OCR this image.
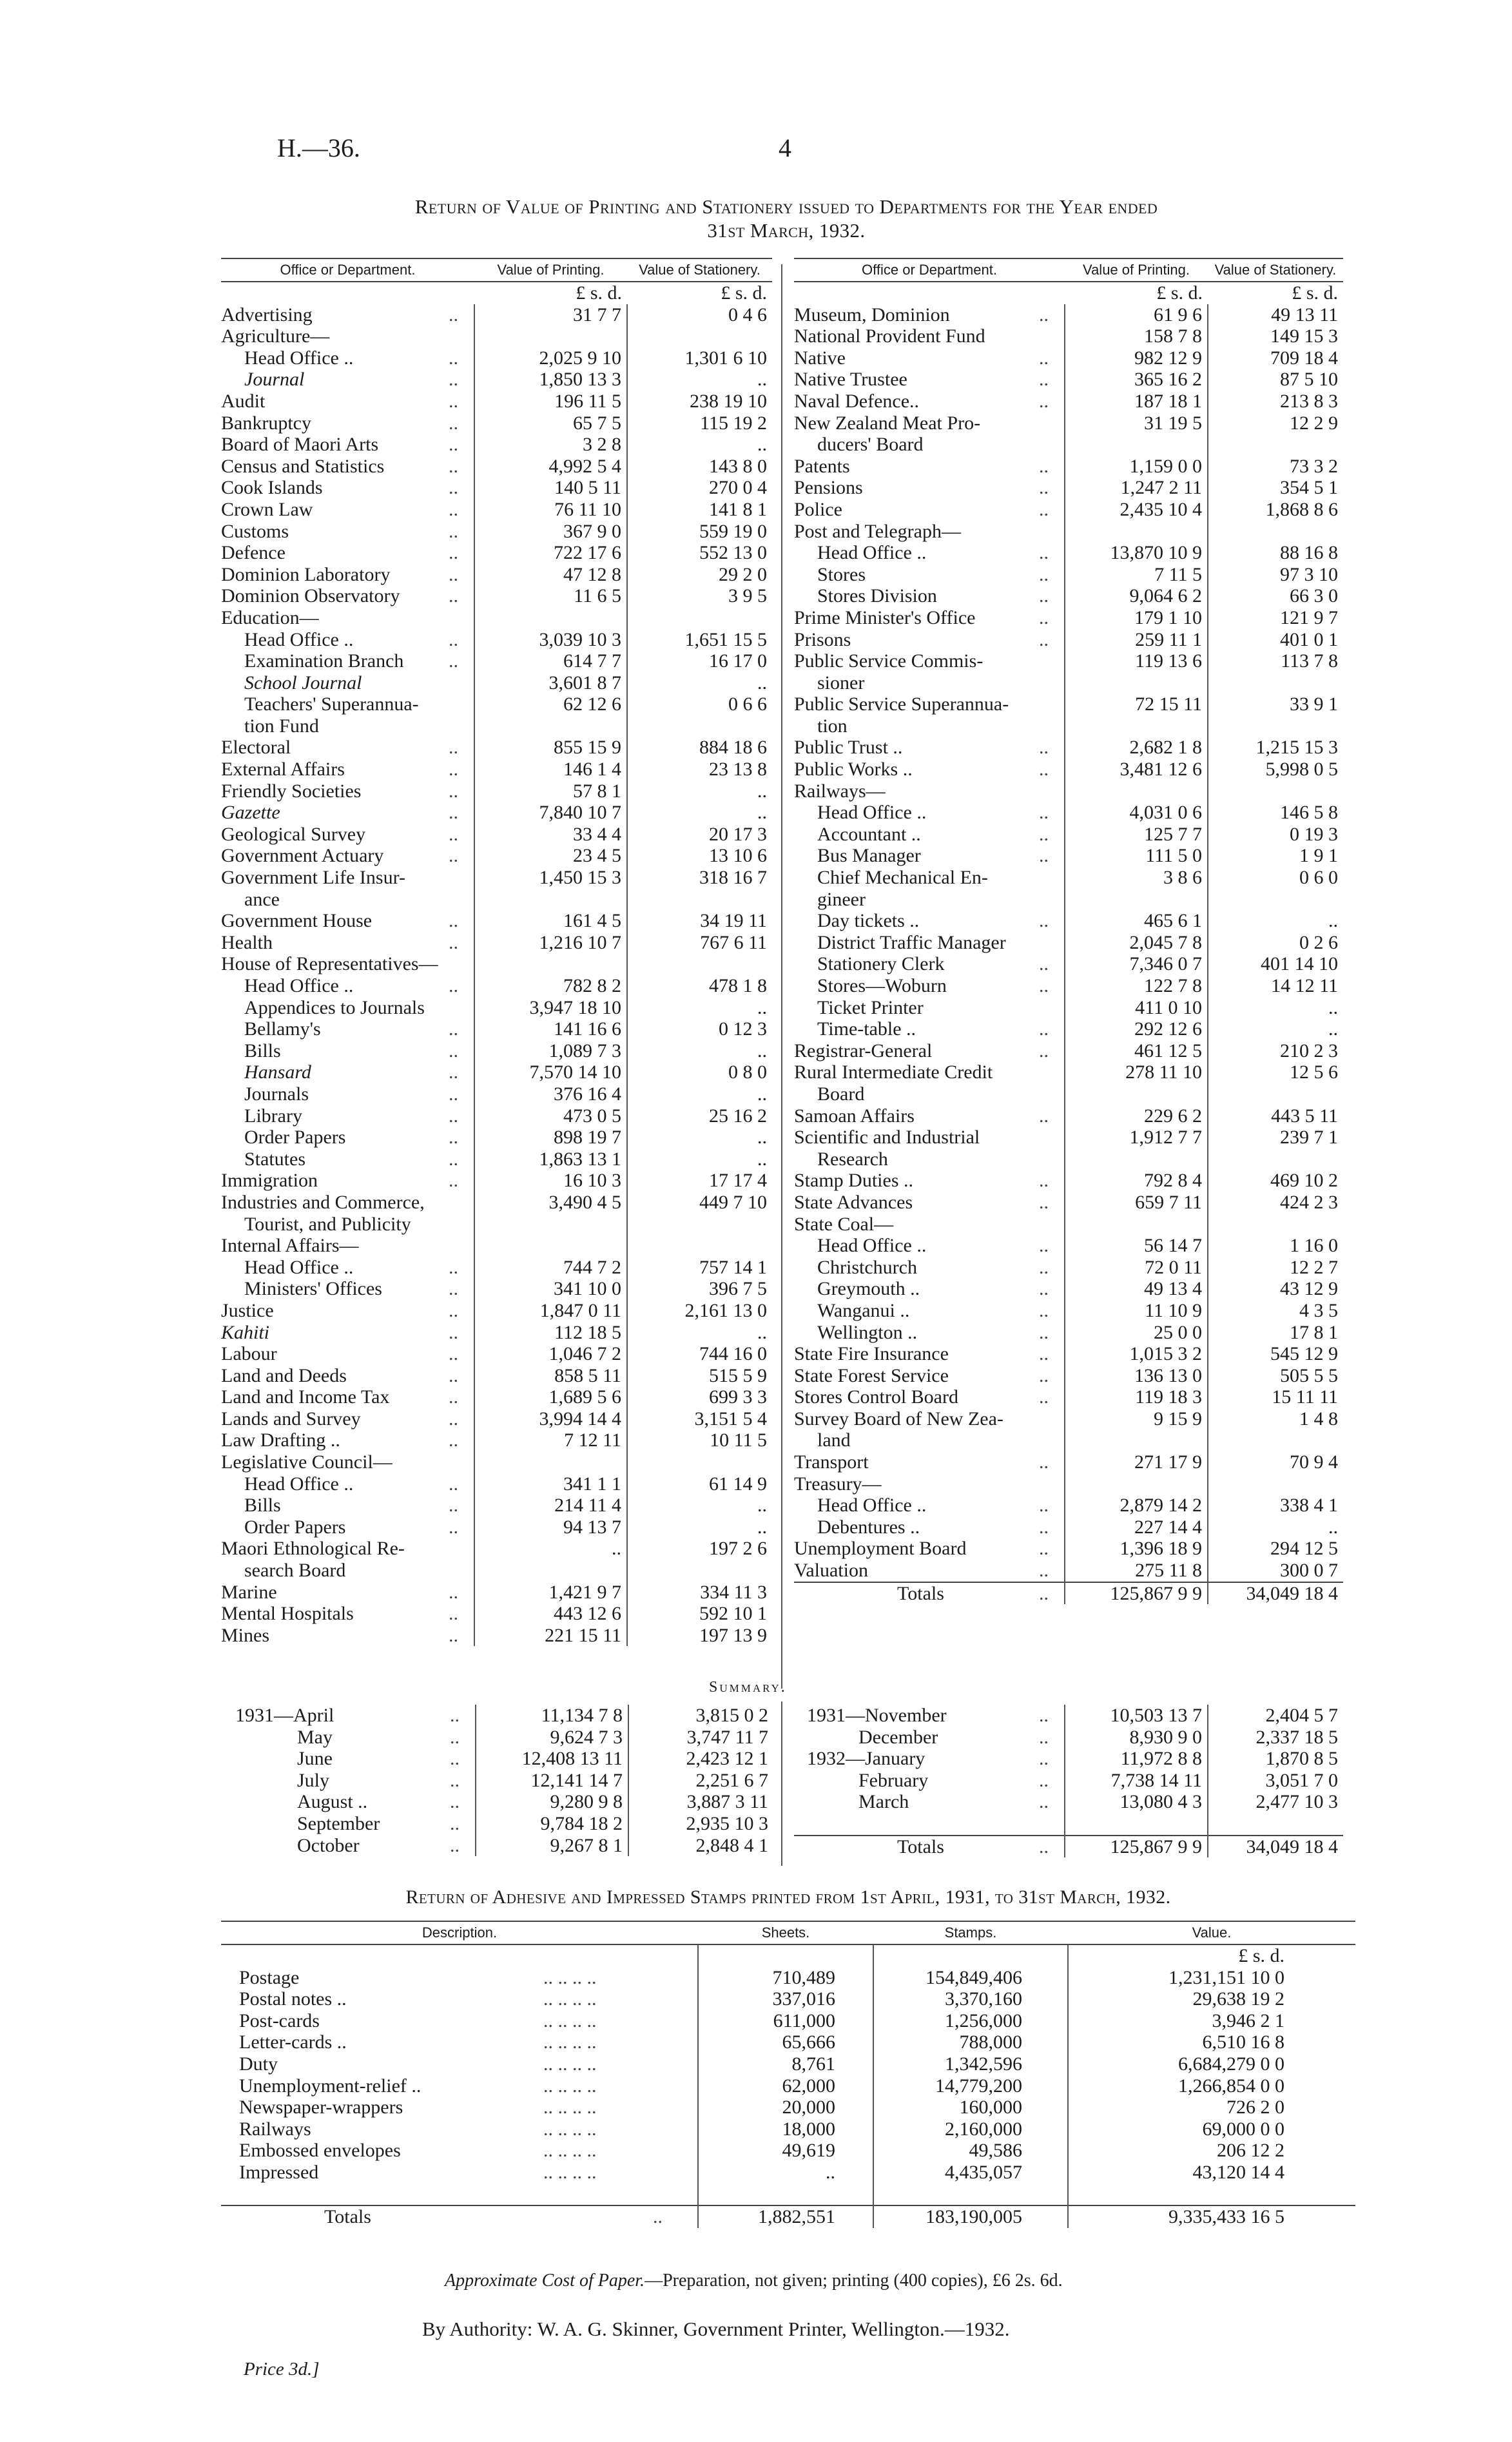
H.—36.	4
Return of Value of Printing and Stationery issued to Departments for the Year ended
31st March, 1932.
Office or Department.		Value of Printing.	Value of Stationery.
		£ s. d.	£ s. d.
Advertising	..	31 7 7	0 4 6
Agriculture—			
Head Office ..	..	2,025 9 10	1,301 6 10
Journal	..	1,850 13 3	..
Audit	..	196 11 5	238 19 10
Bankruptcy	..	65 7 5	115 19 2
Board of Maori Arts	..	3 2 8	..
Census and Statistics	..	4,992 5 4	143 8 0
Cook Islands	..	140 5 11	270 0 4
Crown Law	..	76 11 10	141 8 1
Customs	..	367 9 0	559 19 0
Defence	..	722 17 6	552 13 0
Dominion Laboratory	..	47 12 8	29 2 0
Dominion Observatory	..	11 6 5	3 9 5
Education—			
Head Office ..	..	3,039 10 3	1,651 15 5
Examination Branch	..	614 7 7	16 17 0
School Journal		3,601 8 7	..
Teachers' Superannua-		62 12 6	0 6 6
tion Fund			
Electoral	..	855 15 9	884 18 6
External Affairs	..	146 1 4	23 13 8
Friendly Societies	..	57 8 1	..
Gazette	..	7,840 10 7	..
Geological Survey	..	33 4 4	20 17 3
Government Actuary	..	23 4 5	13 10 6
Government Life Insur-		1,450 15 3	318 16 7
ance			
Government House	..	161 4 5	34 19 11
Health	..	1,216 10 7	767 6 11
House of Representatives—			
Head Office ..	..	782 8 2	478 1 8
Appendices to Journals		3,947 18 10	..
Bellamy's	..	141 16 6	0 12 3
Bills	..	1,089 7 3	..
Hansard	..	7,570 14 10	0 8 0
Journals	..	376 16 4	..
Library	..	473 0 5	25 16 2
Order Papers	..	898 19 7	..
Statutes	..	1,863 13 1	..
Immigration	..	16 10 3	17 17 4
Industries and Commerce,		3,490 4 5	449 7 10
Tourist, and Publicity			
Internal Affairs—			
Head Office ..	..	744 7 2	757 14 1
Ministers' Offices	..	341 10 0	396 7 5
Justice	..	1,847 0 11	2,161 13 0
Kahiti	..	112 18 5	..
Labour	..	1,046 7 2	744 16 0
Land and Deeds	..	858 5 11	515 5 9
Land and Income Tax	..	1,689 5 6	699 3 3
Lands and Survey	..	3,994 14 4	3,151 5 4
Law Drafting ..	..	7 12 11	10 11 5
Legislative Council—			
Head Office ..	..	341 1 1	61 14 9
Bills	..	214 11 4	..
Order Papers	..	94 13 7	..
Maori Ethnological Re-		..	197 2 6
search Board			
Marine	..	1,421 9 7	334 11 3
Mental Hospitals	..	443 12 6	592 10 1
Mines	..	221 15 11	197 13 9
Office or Department.		Value of Printing.	Value of Stationery.
		£ s. d.	£ s. d.
Museum, Dominion	..	61 9 6	49 13 11
National Provident Fund		158 7 8	149 15 3
Native	..	982 12 9	709 18 4
Native Trustee	..	365 16 2	87 5 10
Naval Defence..	..	187 18 1	213 8 3
New Zealand Meat Pro-		31 19 5	12 2 9
ducers' Board			
Patents	..	1,159 0 0	73 3 2
Pensions	..	1,247 2 11	354 5 1
Police	..	2,435 10 4	1,868 8 6
Post and Telegraph—			
Head Office ..	..	13,870 10 9	88 16 8
Stores	..	7 11 5	97 3 10
Stores Division	..	9,064 6 2	66 3 0
Prime Minister's Office	..	179 1 10	121 9 7
Prisons	..	259 11 1	401 0 1
Public Service Commis-		119 13 6	113 7 8
sioner			
Public Service Superannua-		72 15 11	33 9 1
tion			
Public Trust ..	..	2,682 1 8	1,215 15 3
Public Works ..	..	3,481 12 6	5,998 0 5
Railways—			
Head Office ..	..	4,031 0 6	146 5 8
Accountant ..	..	125 7 7	0 19 3
Bus Manager	..	111 5 0	1 9 1
Chief Mechanical En-		3 8 6	0 6 0
gineer			
Day tickets ..	..	465 6 1	..
District Traffic Manager		2,045 7 8	0 2 6
Stationery Clerk	..	7,346 0 7	401 14 10
Stores—Woburn	..	122 7 8	14 12 11
Ticket Printer		411 0 10	..
Time-table ..	..	292 12 6	..
Registrar-General	..	461 12 5	210 2 3
Rural Intermediate Credit		278 11 10	12 5 6
Board			
Samoan Affairs	..	229 6 2	443 5 11
Scientific and Industrial		1,912 7 7	239 7 1
Research			
Stamp Duties ..	..	792 8 4	469 10 2
State Advances	..	659 7 11	424 2 3
State Coal—			
Head Office ..	..	56 14 7	1 16 0
Christchurch	..	72 0 11	12 2 7
Greymouth ..	..	49 13 4	43 12 9
Wanganui ..	..	11 10 9	4 3 5
Wellington ..	..	25 0 0	17 8 1
State Fire Insurance	..	1,015 3 2	545 12 9
State Forest Service	..	136 13 0	505 5 5
Stores Control Board	..	119 18 3	15 11 11
Survey Board of New Zea-		9 15 9	1 4 8
land			
Transport	..	271 17 9	70 9 4
Treasury—			
Head Office ..	..	2,879 14 2	338 4 1
Debentures ..	..	227 14 4	..
Unemployment Board	..	1,396 18 9	294 12 5
Valuation	..	275 11 8	300 0 7
Totals	..	125,867 9 9	34,049 18 4
Summary.
1931—April	..	11,134 7 8	3,815 0 2
May	..	9,624 7 3	3,747 11 7
June	..	12,408 13 11	2,423 12 1
July	..	12,141 14 7	2,251 6 7
August ..	..	9,280 9 8	3,887 3 11
September	..	9,784 18 2	2,935 10 3
October	..	9,267 8 1	2,848 4 1
1931—November	..	10,503 13 7	2,404 5 7
December	..	8,930 9 0	2,337 18 5
1932—January	..	11,972 8 8	1,870 8 5
February	..	7,738 14 11	3,051 7 0
March	..	13,080 4 3	2,477 10 3

Totals	..	125,867 9 9	34,049 18 4
Return of Adhesive and Impressed Stamps printed from 1st April, 1931, to 31st March, 1932.
Description.		Sheets.	Stamps.	Value.
				£ s. d.
Postage	.. .. .. ..	710,489	154,849,406	1,231,151 10 0
Postal notes ..	.. .. .. ..	337,016	3,370,160	29,638 19 2
Post-cards	.. .. .. ..	611,000	1,256,000	3,946 2 1
Letter-cards ..	.. .. .. ..	65,666	788,000	6,510 16 8
Duty	.. .. .. ..	8,761	1,342,596	6,684,279 0 0
Unemployment-relief ..	.. .. .. ..	62,000	14,779,200	1,266,854 0 0
Newspaper-wrappers	.. .. .. ..	20,000	160,000	726 2 0
Railways	.. .. .. ..	18,000	2,160,000	69,000 0 0
Embossed envelopes	.. .. .. ..	49,619	49,586	206 12 2
Impressed	.. .. .. ..	..	4,435,057	43,120 14 4

Totals	..	1,882,551	183,190,005	9,335,433 16 5
Approximate Cost of Paper.—Preparation, not given; printing (400 copies), £6 2s. 6d.
By Authority: W. A. G. Skinner, Government Printer, Wellington.—1932.
Price 3d.]
